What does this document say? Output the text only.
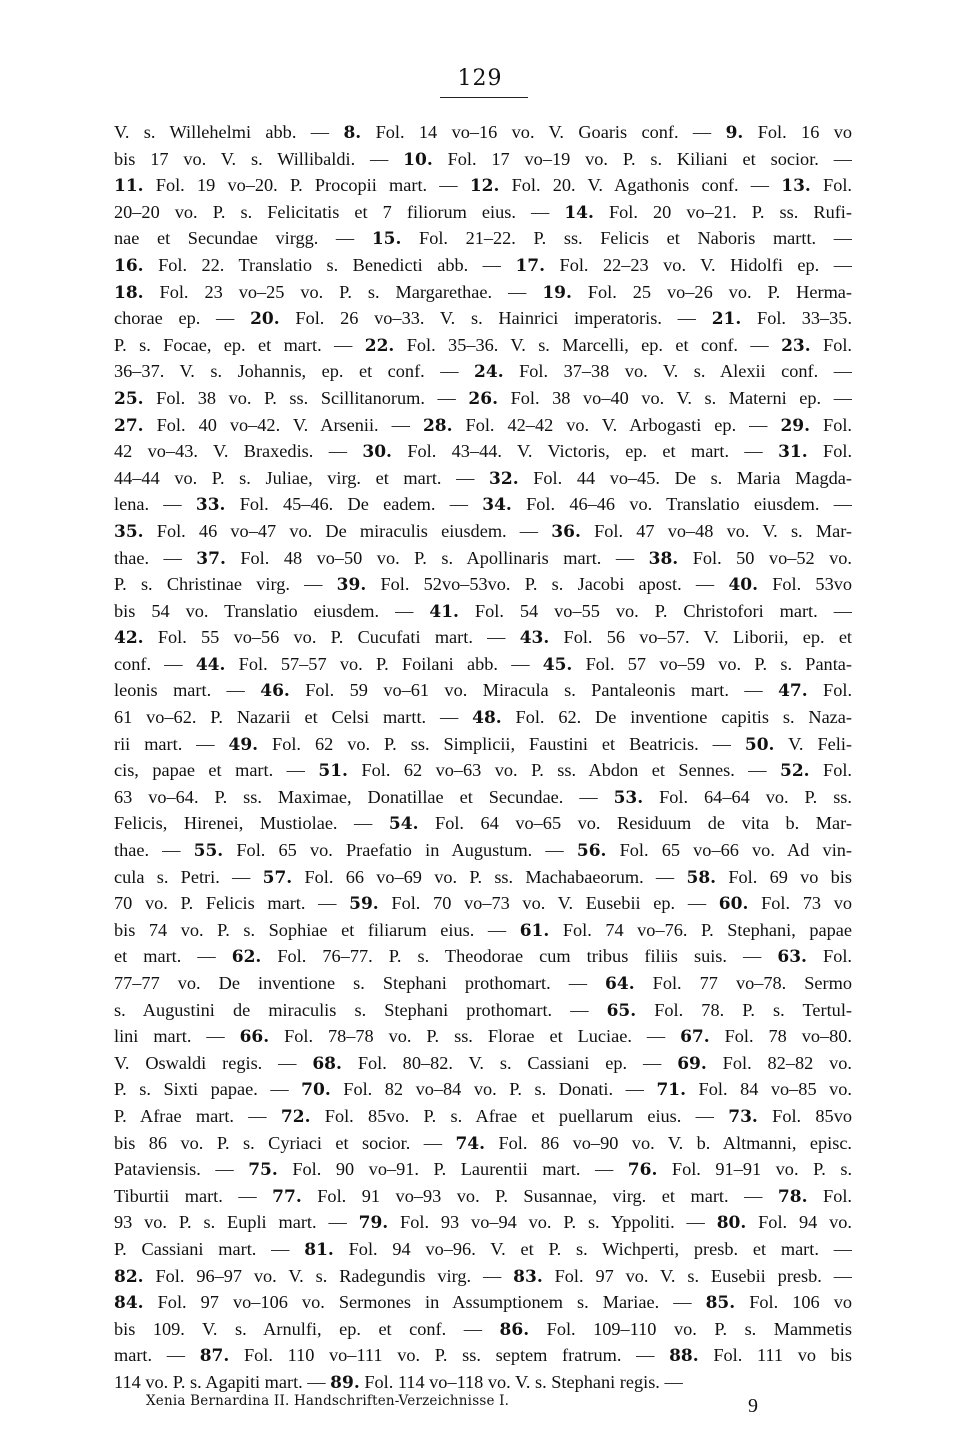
129
V. s. Willehelmi abb. — 8. Fol. 14 vo–16 vo. V. Goaris conf. — 9. Fol. 16 vo
bis 17 vo. V. s. Willibaldi. — 10. Fol. 17 vo–19 vo. P. s. Kiliani et socior. —
11. Fol. 19 vo–20. P. Procopii mart. — 12. Fol. 20. V. Agathonis conf. — 13. Fol.
20–20 vo. P. s. Felicitatis et 7 filiorum eius. — 14. Fol. 20 vo–21. P. ss. Rufi-
nae et Secundae virgg. — 15. Fol. 21–22. P. ss. Felicis et Naboris martt. —
16. Fol. 22. Translatio s. Benedicti abb. — 17. Fol. 22–23 vo. V. Hidolfi ep. —
18. Fol. 23 vo–25 vo. P. s. Margarethae. — 19. Fol. 25 vo–26 vo. P. Herma-
chorae ep. — 20. Fol. 26 vo–33. V. s. Hainrici imperatoris. — 21. Fol. 33–35.
P. s. Focae, ep. et mart. — 22. Fol. 35–36. V. s. Marcelli, ep. et conf. — 23. Fol.
36–37. V. s. Johannis, ep. et conf. — 24. Fol. 37–38 vo. V. s. Alexii conf. —
25. Fol. 38 vo. P. ss. Scillitanorum. — 26. Fol. 38 vo–40 vo. V. s. Materni ep. —
27. Fol. 40 vo–42. V. Arsenii. — 28. Fol. 42–42 vo. V. Arbogasti ep. — 29. Fol.
42 vo–43. V. Braxedis. — 30. Fol. 43–44. V. Victoris, ep. et mart. — 31. Fol.
44–44 vo. P. s. Juliae, virg. et mart. — 32. Fol. 44 vo–45. De s. Maria Magda-
lena. — 33. Fol. 45–46. De eadem. — 34. Fol. 46–46 vo. Translatio eiusdem. —
35. Fol. 46 vo–47 vo. De miraculis eiusdem. — 36. Fol. 47 vo–48 vo. V. s. Mar-
thae. — 37. Fol. 48 vo–50 vo. P. s. Apollinaris mart. — 38. Fol. 50 vo–52 vo.
P. s. Christinae virg. — 39. Fol. 52vo–53vo. P. s. Jacobi apost. — 40. Fol. 53vo
bis 54 vo. Translatio eiusdem. — 41. Fol. 54 vo–55 vo. P. Christofori mart. —
42. Fol. 55 vo–56 vo. P. Cucufati mart. — 43. Fol. 56 vo–57. V. Liborii, ep. et
conf. — 44. Fol. 57–57 vo. P. Foilani abb. — 45. Fol. 57 vo–59 vo. P. s. Panta-
leonis mart. — 46. Fol. 59 vo–61 vo. Miracula s. Pantaleonis mart. — 47. Fol.
61 vo–62. P. Nazarii et Celsi martt. — 48. Fol. 62. De inventione capitis s. Naza-
rii mart. — 49. Fol. 62 vo. P. ss. Simplicii, Faustini et Beatricis. — 50. V. Feli-
cis, papae et mart. — 51. Fol. 62 vo–63 vo. P. ss. Abdon et Sennes. — 52. Fol.
63 vo–64. P. ss. Maximae, Donatillae et Secundae. — 53. Fol. 64–64 vo. P. ss.
Felicis, Hirenei, Mustiolae. — 54. Fol. 64 vo–65 vo. Residuum de vita b. Mar-
thae. — 55. Fol. 65 vo. Praefatio in Augustum. — 56. Fol. 65 vo–66 vo. Ad vin-
cula s. Petri. — 57. Fol. 66 vo–69 vo. P. ss. Machabaeorum. — 58. Fol. 69 vo bis
70 vo. P. Felicis mart. — 59. Fol. 70 vo–73 vo. V. Eusebii ep. — 60. Fol. 73 vo
bis 74 vo. P. s. Sophiae et filiarum eius. — 61. Fol. 74 vo–76. P. Stephani, papae
et mart. — 62. Fol. 76–77. P. s. Theodorae cum tribus filiis suis. — 63. Fol.
77–77 vo. De inventione s. Stephani prothomart. — 64. Fol. 77 vo–78. Sermo
s. Augustini de miraculis s. Stephani prothomart. — 65. Fol. 78. P. s. Tertul-
lini mart. — 66. Fol. 78–78 vo. P. ss. Florae et Luciae. — 67. Fol. 78 vo–80.
V. Oswaldi regis. — 68. Fol. 80–82. V. s. Cassiani ep. — 69. Fol. 82–82 vo.
P. s. Sixti papae. — 70. Fol. 82 vo–84 vo. P. s. Donati. — 71. Fol. 84 vo–85 vo.
P. Afrae mart. — 72. Fol. 85vo. P. s. Afrae et puellarum eius. — 73. Fol. 85vo
bis 86 vo. P. s. Cyriaci et socior. — 74. Fol. 86 vo–90 vo. V. b. Altmanni, episc.
Pataviensis. — 75. Fol. 90 vo–91. P. Laurentii mart. — 76. Fol. 91–91 vo. P. s.
Tiburtii mart. — 77. Fol. 91 vo–93 vo. P. Susannae, virg. et mart. — 78. Fol.
93 vo. P. s. Eupli mart. — 79. Fol. 93 vo–94 vo. P. s. Yppoliti. — 80. Fol. 94 vo.
P. Cassiani mart. — 81. Fol. 94 vo–96. V. et P. s. Wichperti, presb. et mart. —
82. Fol. 96–97 vo. V. s. Radegundis virg. — 83. Fol. 97 vo. V. s. Eusebii presb. —
84. Fol. 97 vo–106 vo. Sermones in Assumptionem s. Mariae. — 85. Fol. 106 vo
bis 109. V. s. Arnulfi, ep. et conf. — 86. Fol. 109–110 vo. P. s. Mammetis
mart. — 87. Fol. 110 vo–111 vo. P. ss. septem fratrum. — 88. Fol. 111 vo bis
114 vo. P. s. Agapiti mart. — 89. Fol. 114 vo–118 vo. V. s. Stephani regis. —
Xenia Bernardina II. Handschriften-Verzeichnisse I.	9
